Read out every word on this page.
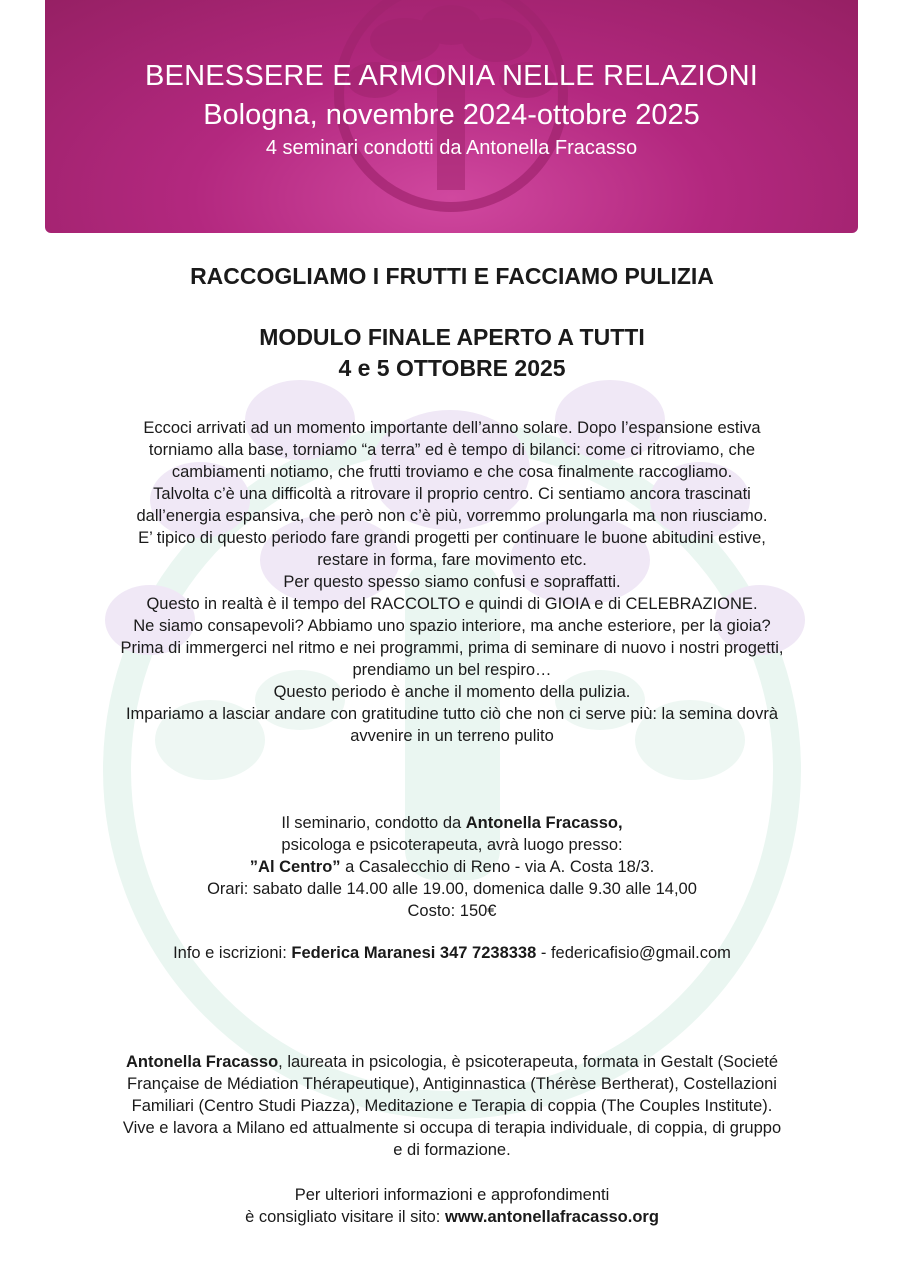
BENESSERE E ARMONIA NELLE RELAZIONI
Bologna, novembre 2024-ottobre 2025
4 seminari condotti da Antonella Fracasso
RACCOGLIAMO I FRUTTI E FACCIAMO PULIZIA
MODULO FINALE APERTO A TUTTI
4 e 5 OTTOBRE 2025
Eccoci arrivati ad un momento importante dell’anno solare. Dopo l’espansione estiva
torniamo alla base, torniamo “a terra” ed è tempo di bilanci: come ci ritroviamo, che
cambiamenti notiamo, che frutti troviamo e che cosa finalmente raccogliamo.
Talvolta c’è una difficoltà a ritrovare il proprio centro. Ci sentiamo ancora trascinati
dall’energia espansiva, che però non c’è più, vorremmo prolungarla ma non riusciamo.
E’ tipico di questo periodo fare grandi progetti per continuare le buone abitudini estive,
restare in forma, fare movimento etc.
Per questo spesso siamo confusi e sopraffatti.
Questo in realtà è il tempo del RACCOLTO e quindi di GIOIA e di CELEBRAZIONE.
Ne siamo consapevoli? Abbiamo uno spazio interiore, ma anche esteriore, per la gioia?
Prima di immergerci nel ritmo e nei programmi, prima di seminare di nuovo i nostri progetti,
prendiamo un bel respiro…
Questo periodo è anche il momento della pulizia.
Impariamo a lasciar andare con gratitudine tutto ciò che non ci serve più: la semina dovrà
avvenire in un terreno pulito
Il seminario, condotto da Antonella Fracasso,
psicologa e psicoterapeuta, avrà luogo presso:
”Al Centro” a Casalecchio di Reno - via A. Costa 18/3.
Orari: sabato dalle 14.00 alle 19.00, domenica dalle 9.30 alle 14,00
Costo: 150€
Info e iscrizioni: Federica Maranesi 347 7238338 - federicafisio@gmail.com
Antonella Fracasso, laureata in psicologia, è psicoterapeuta, formata in Gestalt (Societé
Française de Médiation Thérapeutique), Antiginnastica (Thérèse Bertherat), Costellazioni
Familiari (Centro Studi Piazza), Meditazione e Terapia di coppia (The Couples Institute).
Vive e lavora a Milano ed attualmente si occupa di terapia individuale, di coppia, di gruppo
e di formazione.
Per ulteriori informazioni e approfondimenti
è consigliato visitare il sito: www.antonellafracasso.org
